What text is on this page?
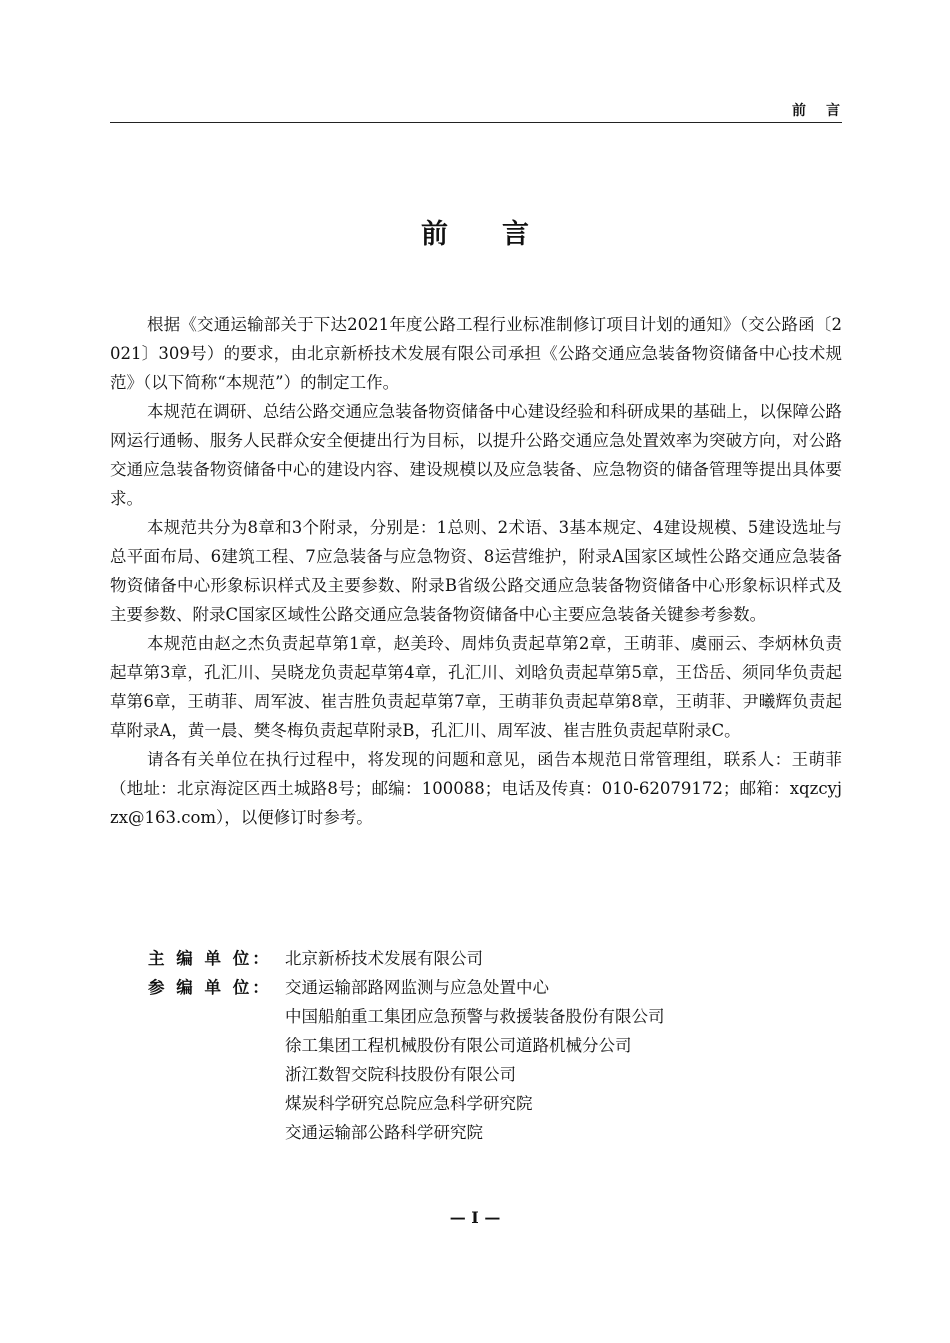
前言
前言

根据《交通运输部关于下达2021年度公路工程行业标准制修订项目计划的通知》（交公路函〔2021〕309号）的要求，由北京新桥技术发展有限公司承担《公路交通应急装备物资储备中心技术规范》（以下简称“本规范”）的制定工作。

本规范在调研、总结公路交通应急装备物资储备中心建设经验和科研成果的基础上，以保障公路网运行通畅、服务人民群众安全便捷出行为目标，以提升公路交通应急处置效率为突破方向，对公路交通应急装备物资储备中心的建设内容、建设规模以及应急装备、应急物资的储备管理等提出具体要求。

本规范共分为8章和3个附录，分别是：1总则、2术语、3基本规定、4建设规模、5建设选址与总平面布局、6建筑工程、7应急装备与应急物资、8运营维护，附录A国家区域性公路交通应急装备物资储备中心形象标识样式及主要参数、附录B省级公路交通应急装备物资储备中心形象标识样式及主要参数、附录C国家区域性公路交通应急装备物资储备中心主要应急装备关键参考参数。

本规范由赵之杰负责起草第1章，赵美玲、周炜负责起草第2章，王萌菲、虞丽云、李炳林负责起草第3章，孔汇川、吴晓龙负责起草第4章，孔汇川、刘晗负责起草第5章，王岱岳、须同华负责起草第6章，王萌菲、周军波、崔吉胜负责起草第7章，王萌菲负责起草第8章，王萌菲、尹曦辉负责起草附录A，黄一晨、樊冬梅负责起草附录B，孔汇川、周军波、崔吉胜负责起草附录C。

请各有关单位在执行过程中，将发现的问题和意见，函告本规范日常管理组，联系人：王萌菲（地址：北京海淀区西土城路8号；邮编：100088；电话及传真：010-62079172；邮箱：xqzcyjzx@163.com），以便修订时参考。

主 编 单 位： 北京新桥技术发展有限公司
参 编 单 位： 交通运输部路网监测与应急处置中心
中国船舶重工集团应急预警与救援装备股份有限公司
徐工集团工程机械股份有限公司道路机械分公司
浙江数智交院科技股份有限公司
煤炭科学研究总院应急科学研究院
交通运输部公路科学研究院
— I —
